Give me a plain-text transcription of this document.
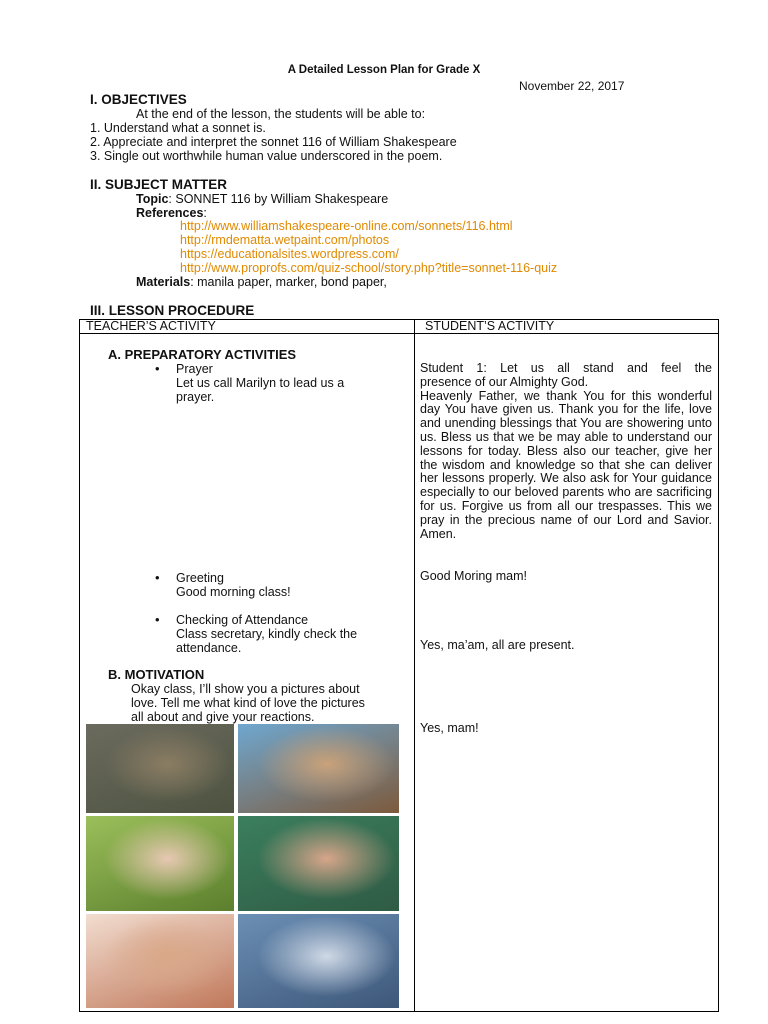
A Detailed Lesson Plan for Grade X
November 22, 2017
I. OBJECTIVES
At the end of the lesson, the students will be able to:
1. Understand what a sonnet is.
2. Appreciate and interpret the sonnet 116 of William Shakespeare
3. Single out worthwhile human value underscored in the poem.
II. SUBJECT MATTER
Topic: SONNET 116 by William Shakespeare
References:
http://www.williamshakespeare-online.com/sonnets/116.html
http://rmdematta.wetpaint.com/photos
https://educationalsites.wordpress.com/
http://www.proprofs.com/quiz-school/story.php?title=sonnet-116-quiz
Materials: manila paper, marker, bond paper,
III. LESSON PROCEDURE
TEACHER’S ACTIVITY	STUDENT’S ACTIVITY
A. PREPARATORY ACTIVITIES
• Prayer
Let us call Marilyn to lead us a
prayer.
Student 1: Let us all stand and feel the
presence of our Almighty God.
Heavenly Father, we thank You for this wonderful day You have given us. Thank you for the life, love and unending blessings that You are showering unto us. Bless us that we be may able to understand our lessons for today. Bless also our teacher, give her the wisdom and knowledge so that she can deliver her lessons properly. We also ask for Your guidance especially to our beloved parents who are sacrificing for us. Forgive us from all our trespasses. This we pray in the precious name of our Lord and Savior. Amen.
• Greeting
Good morning class!
Good Moring mam!
• Checking of Attendance
Class secretary, kindly check the
attendance.	Yes, ma’am, all are present.
B. MOTIVATION
Okay class, I’ll show you a pictures about
love. Tell me what kind of love the pictures
all about and give your reactions.
Yes, mam!
